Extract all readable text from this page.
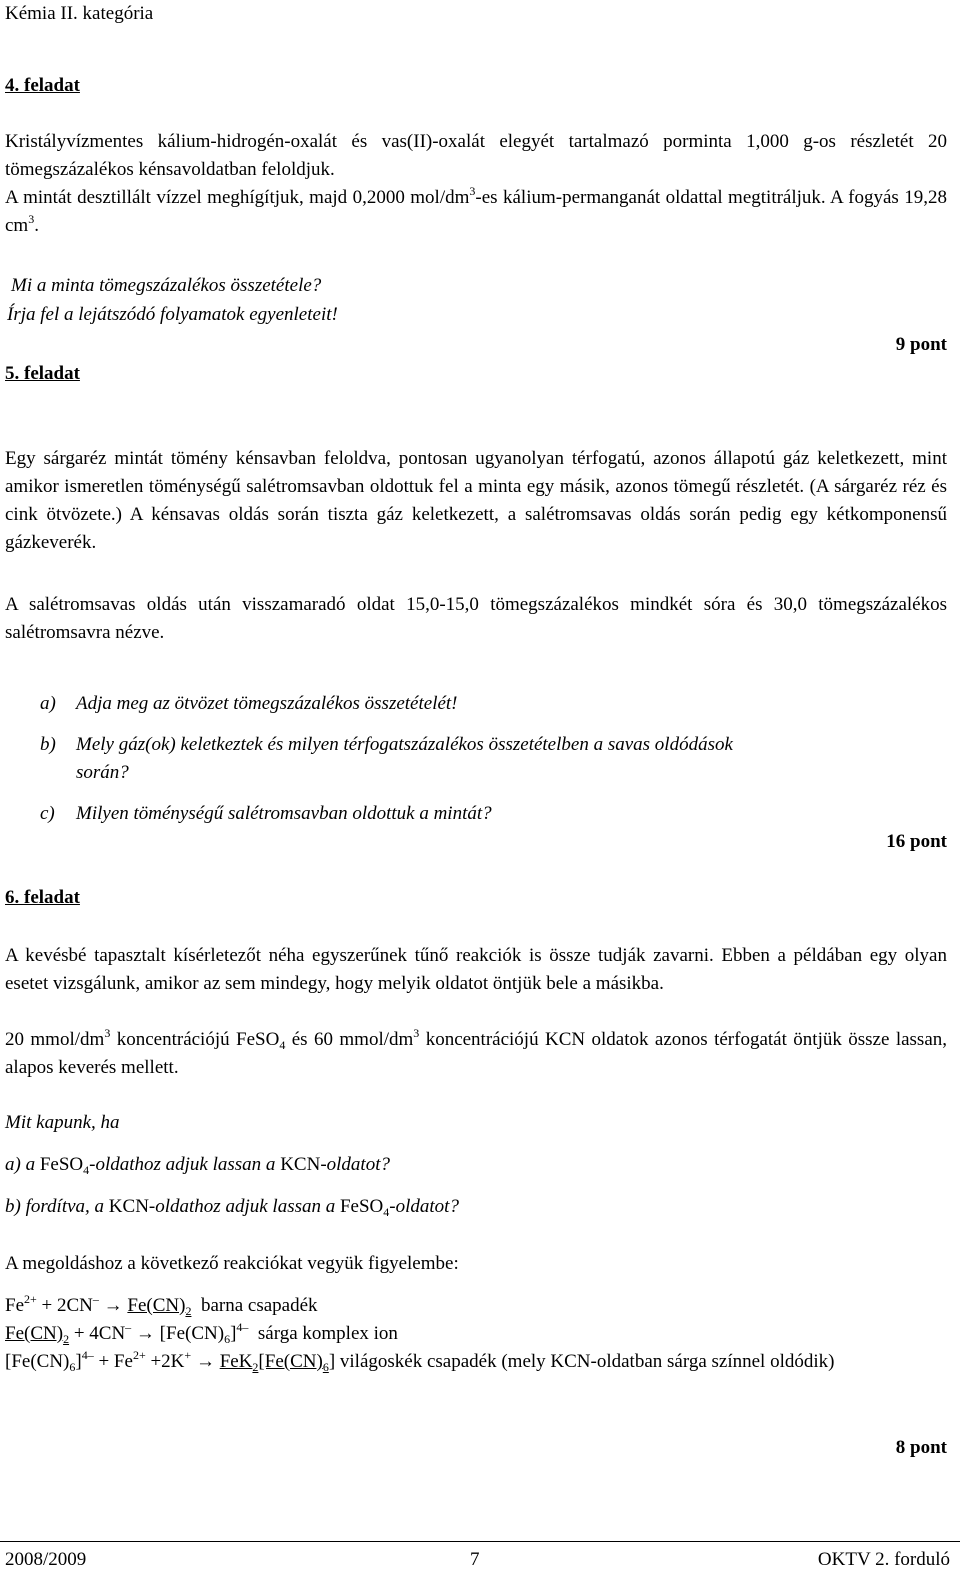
Kémia II. kategória
4. feladat
Kristályvízmentes kálium-hidrogén-oxalát és vas(II)-oxalát elegyét tartalmazó porminta 1,000 g-os részletét 20 tömegszázalékos kénsavoldatban feloldjuk.
A mintát desztillált vízzel meghígítjuk, majd 0,2000 mol/$dm^3-es$ kálium-permanganát oldattal megtitráljuk. A fogyás 19,28 $cm^3$.
Mi a minta tömegszázalékos összetétele?
Írja fel a lejátszódó folyamatok egyenleteit!
9 pont
5. feladat
Egy sárgaréz mintát tömény kénsavban feloldva, pontosan ugyanolyan térfogatú, azonos állapotú gáz keletkezett, mint amikor ismeretlen töménységű salétromsavban oldottuk fel a minta egy másik, azonos tömegű részletét. (A sárgaréz réz és cink ötvözete.) A kénsavas oldás során tiszta gáz keletkezett, a salétromsavas oldás során pedig egy kétkomponensű gázkeverék.
A salétromsavas oldás után visszamaradó oldat 15,0-15,0 tömegszázalékos mindkét sóra és 30,0 tömegszázalékos salétromsavra nézve.
a) Adja meg az ötvözet tömegszázalékos összetételét!
b) Mely gáz(ok) keletkeztek és milyen térfogatszázalékos összetételben a savas oldódások
során?
c) Milyen töménységű salétromsavban oldottuk a mintát?
16 pont
6. feladat
A kevésbé tapasztalt kísérletezőt néha egyszerűnek tűnő reakciók is össze tudják zavarni. Ebben a példában egy olyan esetet vizsgálunk, amikor az sem mindegy, hogy melyik oldatot öntjük bele a másikba.
20 mmol/$dm^3$ koncentrációjú FeSO$_4$ és 60 mmol/$dm^3$ koncentrációjú KCN oldatok azonos térfogatát öntjük össze lassan, alapos keverés mellett.
Mit kapunk, ha
a) a FeSO$_4$-oldathoz adjuk lassan a KCN-oldatot?
b) fordítva, a KCN-oldathoz adjuk lassan a FeSO$_4$-oldatot?
A megoldáshoz a következő reakciókat vegyük figyelembe:
$Fe^{2+} + 2CN^- \to Fe(CN)_2$  barna csapadék
$Fe(CN)_2 + 4CN^- \to [Fe(CN)_6]^{4-}$  sárga komplex ion
$[Fe(CN)_6]^{4-} + Fe^{2+} +2K^+ \to FeK_2[Fe(CN)_6]$ világoskék csapadék (mely KCN-oldatban sárga színnel oldódik)
8 pont
2008/2009	7	OKTV 2. forduló
